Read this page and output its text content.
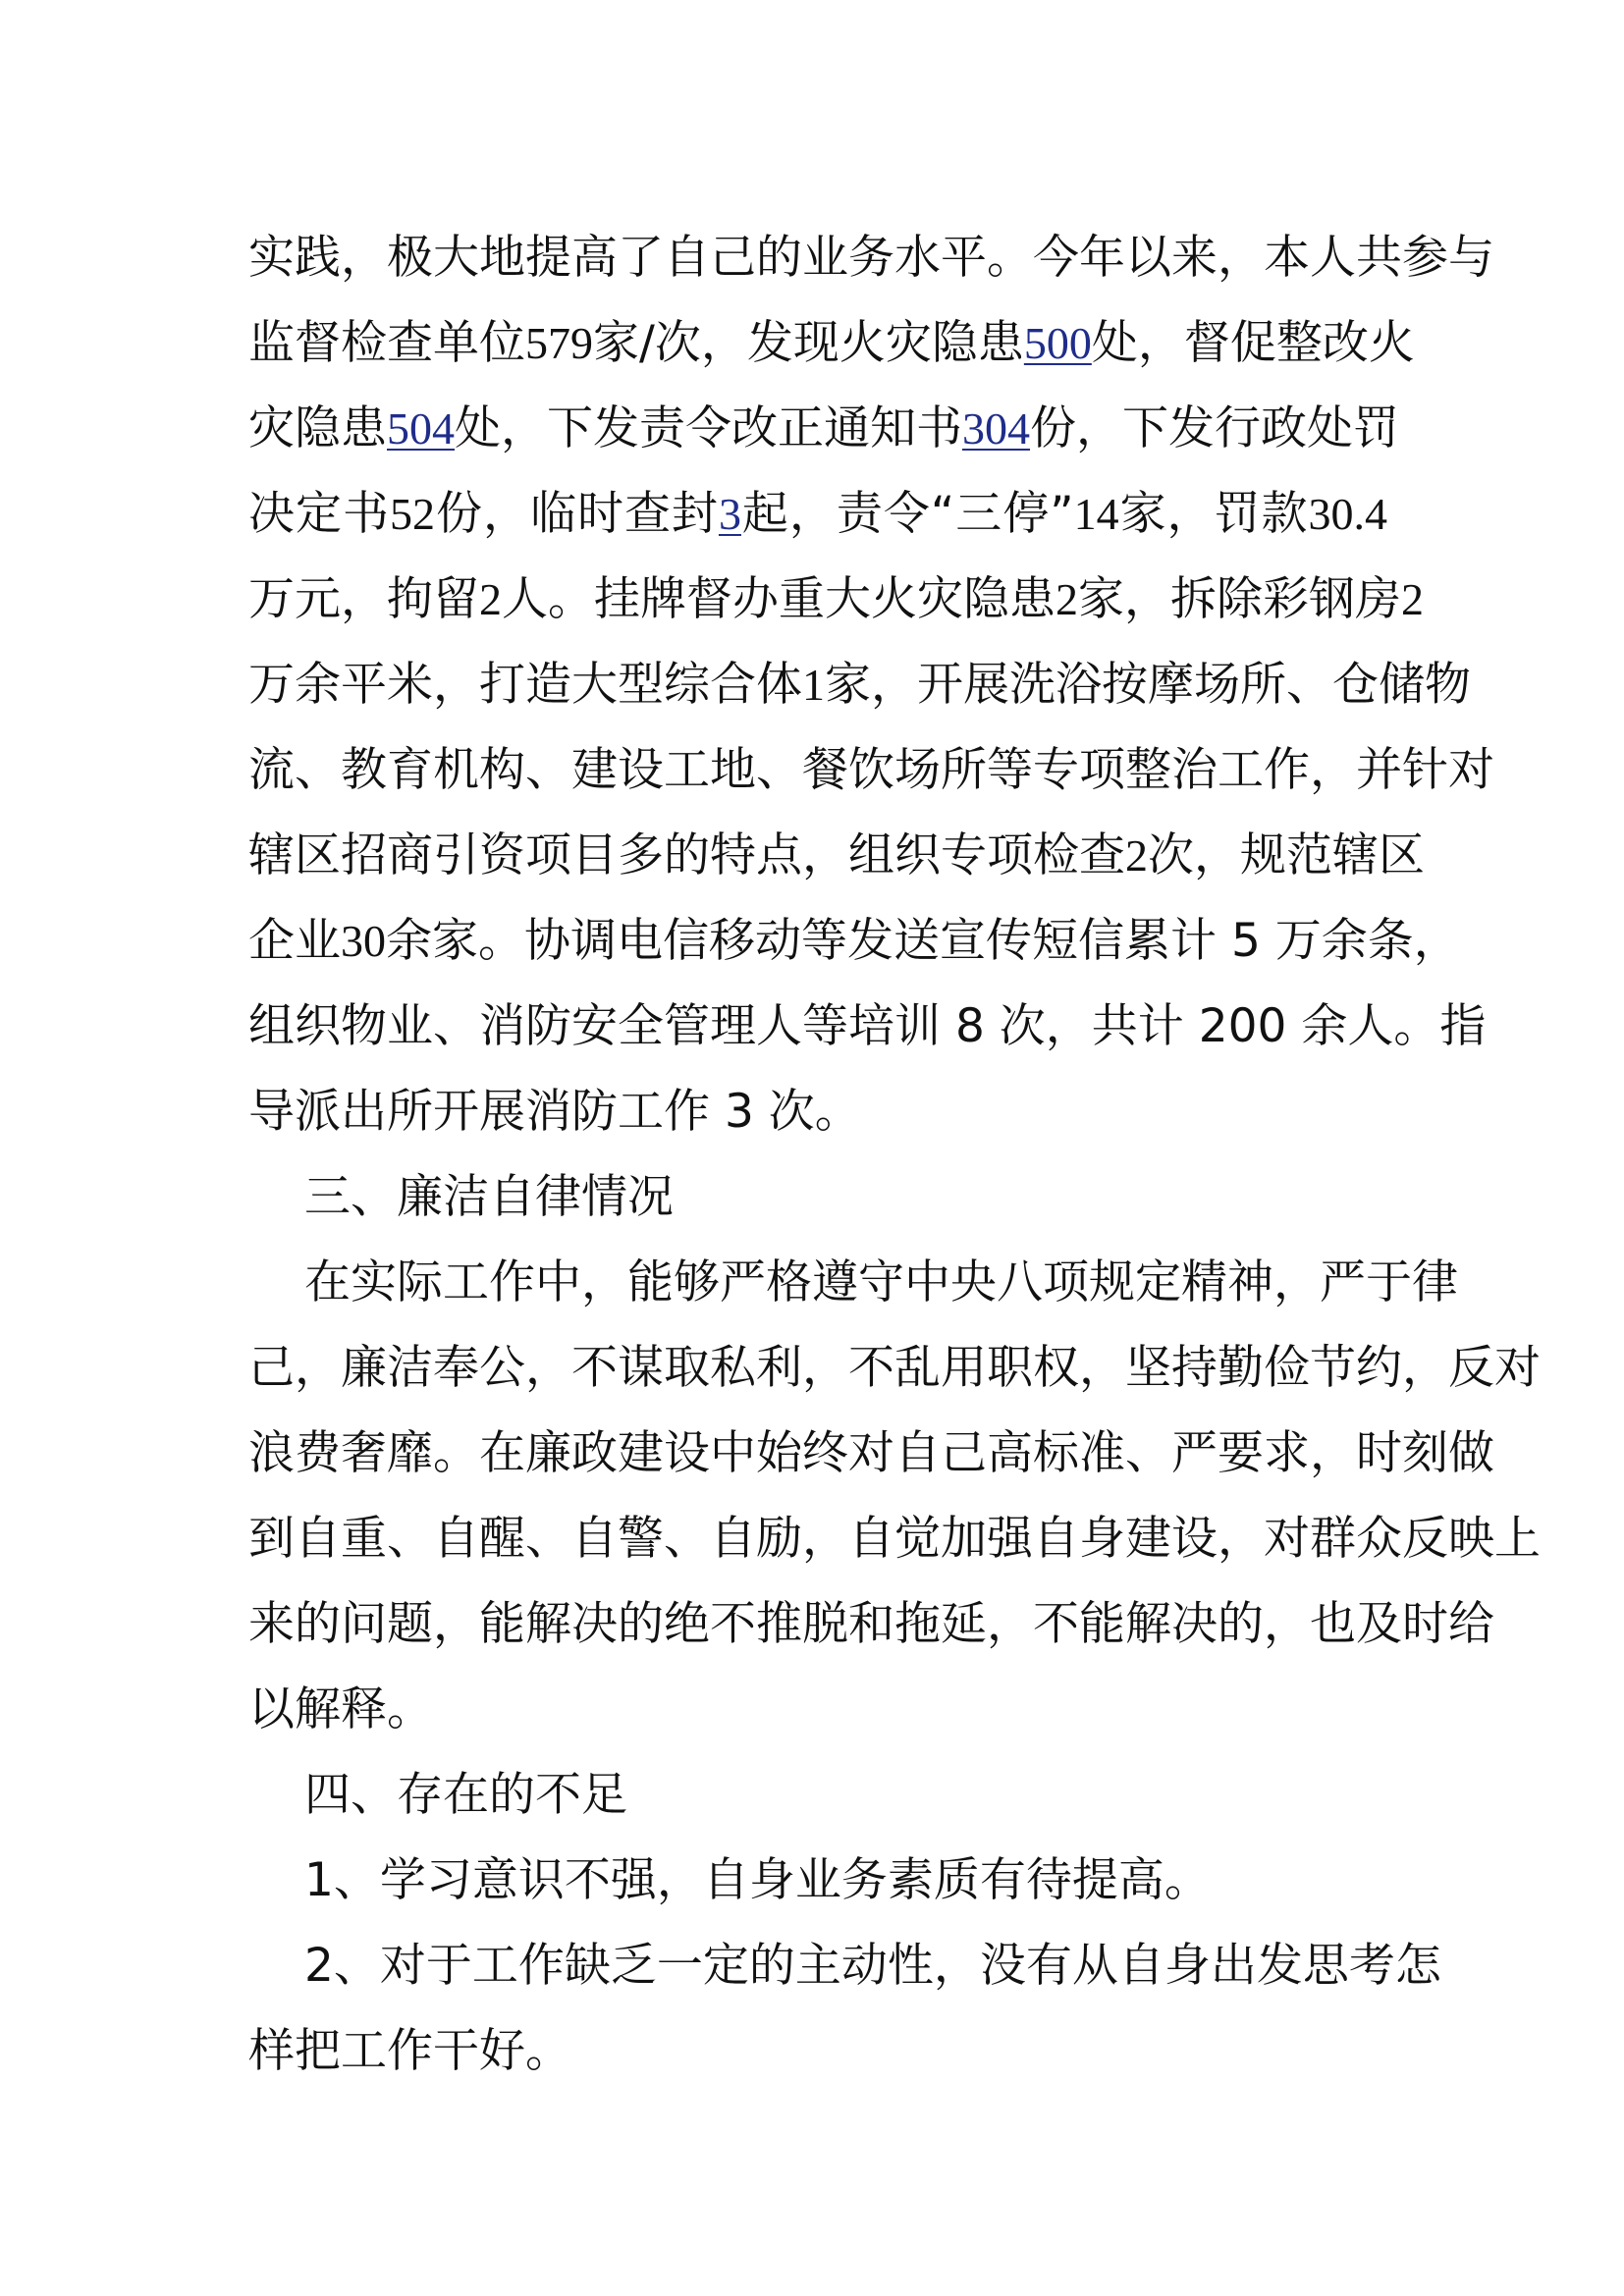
实践，极大地提高了自己的业务水平。今年以来，本人共参与
监督检查单位579家/次，发现火灾隐患500处，督促整改火
灾隐患504处，下发责令改正通知书304份，下发行政处罚
决定书52份，临时查封3起，责令“三停”14家，罚款30.4
万元，拘留2人。挂牌督办重大火灾隐患2家，拆除彩钢房2
万余平米，打造大型综合体1家，开展洗浴按摩场所、仓储物
流、教育机构、建设工地、餐饮场所等专项整治工作，并针对
辖区招商引资项目多的特点，组织专项检查2次，规范辖区
企业30余家。协调电信移动等发送宣传短信累计 5 万余条，
组织物业、消防安全管理人等培训 8 次，共计 200 余人。指
导派出所开展消防工作 3 次。
三、廉洁自律情况
在实际工作中，能够严格遵守中央八项规定精神，严于律
己，廉洁奉公，不谋取私利，不乱用职权，坚持勤俭节约，反对
浪费奢靡。在廉政建设中始终对自己高标准、严要求，时刻做
到自重、自醒、自警、自励，自觉加强自身建设，对群众反映上
来的问题，能解决的绝不推脱和拖延，不能解决的，也及时给
以解释。
四、存在的不足
1、学习意识不强，自身业务素质有待提高。
2、对于工作缺乏一定的主动性，没有从自身出发思考怎
样把工作干好。
